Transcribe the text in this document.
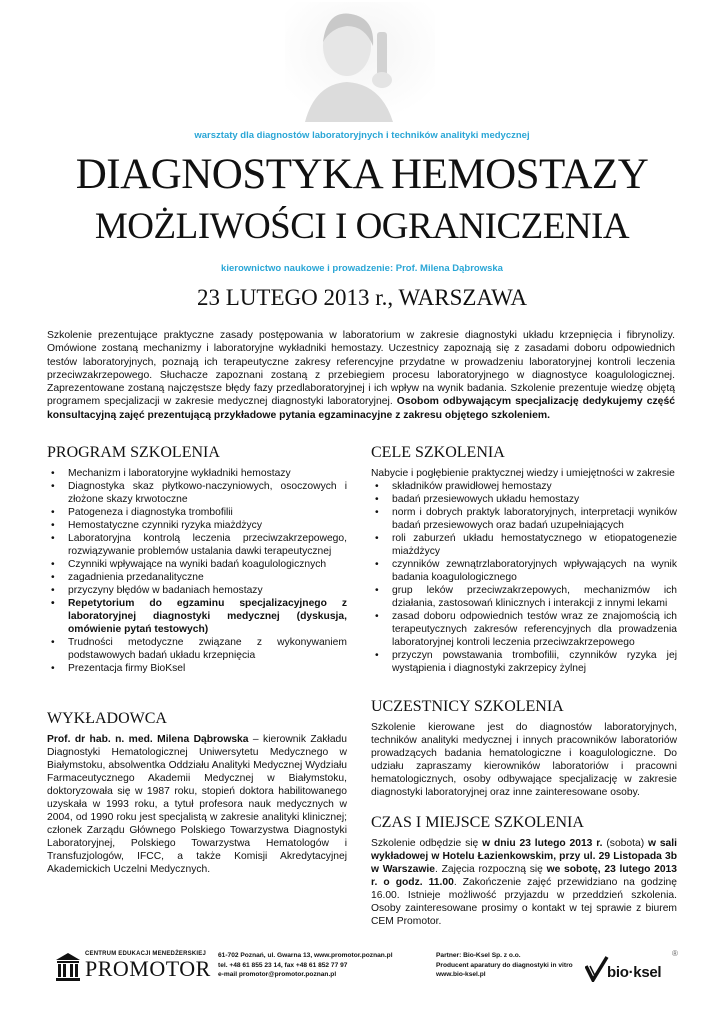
warsztaty dla diagnostów laboratoryjnych i techników analityki medycznej
DIAGNOSTYKA HEMOSTAZY
MOŻLIWOŚCI I OGRANICZENIA
kierownictwo naukowe i prowadzenie: Prof. Milena Dąbrowska
23 LUTEGO 2013 r., WARSZAWA

Szkolenie prezentujące praktyczne zasady postępowania w laboratorium w zakresie diagnostyki układu krzepnięcia i fibrynolizy. Omówione zostaną mechanizmy i laboratoryjne wykładniki hemostazy. Uczestnicy zapoznają się z zasadami doboru odpowiednich testów laboratoryjnych, poznają ich terapeutyczne zakresy referencyjne przydatne w prowadzeniu laboratoryjnej kontroli leczenia przeciwzakrzepowego. Słuchacze zapoznani zostaną z przebiegiem procesu laboratoryjnego w diagnostyce koagulologicznej. Zaprezentowane zostaną najczęstsze błędy fazy przedlaboratoryjnej i ich wpływ na wynik badania. Szkolenie prezentuje wiedzę objętą programem specjalizacji w zakresie medycznej diagnostyki laboratoryjnej. Osobom odbywającym specjalizację dedykujemy część konsultacyjną zajęć prezentującą przykładowe pytania egzaminacyjne z zakresu objętego szkoleniem.

PROGRAM SZKOLENIA
• Mechanizm i laboratoryjne wykładniki hemostazy
• Diagnostyka skaz płytkowo-naczyniowych, osoczowych i złożone skazy krwotoczne
• Patogeneza i diagnostyka trombofilii
• Hemostatyczne czynniki ryzyka miażdżycy
• Laboratoryjna kontrolą leczenia przeciwzakrzepowego, rozwiązywanie problemów ustalania dawki terapeutycznej
• Czynniki wpływające na wyniki badań koagulologicznych
• zagadnienia przedanalityczne
• przyczyny błędów w badaniach hemostazy
• Repetytorium do egzaminu specjalizacyjnego z laboratoryjnej diagnostyki medycznej (dyskusja, omówienie pytań testowych)
• Trudności metodyczne związane z wykonywaniem podstawowych badań układu krzepnięcia
• Prezentacja firmy BioKsel
WYKŁADOWCA

Prof. dr hab. n. med. Milena Dąbrowska – kierownik Zakładu Diagnostyki Hematologicznej Uniwersytetu Medycznego w Białymstoku, absolwentka Oddziału Analityki Medycznej Wydziału Farmaceutycznego Akademii Medycznej w Białymstoku, doktoryzowała się w 1987 roku, stopień doktora habilitowanego uzyskała w 1993 roku, a tytuł profesora nauk medycznych w 2004, od 1990 roku jest specjalistą w zakresie analityki klinicznej; członek Zarządu Głównego Polskiego Towarzystwa Diagnostyki Laboratoryjnej, Polskiego Towarzystwa Hematologów i Transfuzjologów, IFCC, a także Komisji Akredytacyjnej Akademickich Uczelni Medycznych.

CELE SZKOLENIA

Nabycie i pogłębienie praktycznej wiedzy i umiejętności w zakresie

• składników prawidłowej hemostazy
• badań przesiewowych układu hemostazy
• norm i dobrych praktyk laboratoryjnych, interpretacji wyników badań przesiewowych oraz badań uzupełniających
• roli zaburzeń układu hemostatycznego w etiopatogenezie miażdżycy
• czynników zewnątrzlaboratoryjnych wpływających na wynik badania koagulologicznego
• grup leków przeciwzakrzepowych, mechanizmów ich działania, zastosowań klinicznych i interakcji z innymi lekami
• zasad doboru odpowiednich testów wraz ze znajomością ich terapeutycznych zakresów referencyjnych dla prowadzenia laboratoryjnej kontroli leczenia przeciwzakrzepowego
• przyczyn powstawania trombofilii, czynników ryzyka jej wystąpienia i diagnostyki zakrzepicy żylnej
UCZESTNICY SZKOLENIA

Szkolenie kierowane jest do diagnostów laboratoryjnych, techników analityki medycznej i innych pracowników laboratoriów prowadzących badania hematologiczne i koagulologiczne. Do udziału zapraszamy kierowników laboratoriów i pracowni hematologicznych, osoby odbywające specjalizację w zakresie diagnostyki laboratoryjnej oraz inne zainteresowane osoby.

CZAS I MIEJSCE SZKOLENIA

Szkolenie odbędzie się w dniu 23 lutego 2013 r. (sobota) w sali wykładowej w Hotelu Łazienkowskim, przy ul. 29 Listopada 3b w Warszawie. Zajęcia rozpoczną się we sobotę, 23 lutego 2013 r. o godz. 11.00. Zakończenie zajęć przewidziano na godzinę 16.00. Istnieje możliwość przyjazdu w przeddzień szkolenia. Osoby zainteresowane prosimy o kontakt w tej sprawie z biurem CEM Promotor.

CENTRUM EDUKACJI MENEDŻERSKIEJ
PROMOTOR
61-702 Poznań, ul. Gwarna 13, www.promotor.poznan.pl
tel. +48 61 855 23 14, fax +48 61 852 77 97
e-mail promotor@promotor.poznan.pl
Partner: Bio-Ksel Sp. z o.o.
Producent aparatury do diagnostyki in vitro
www.bio-ksel.pl	bio·ksel
®
